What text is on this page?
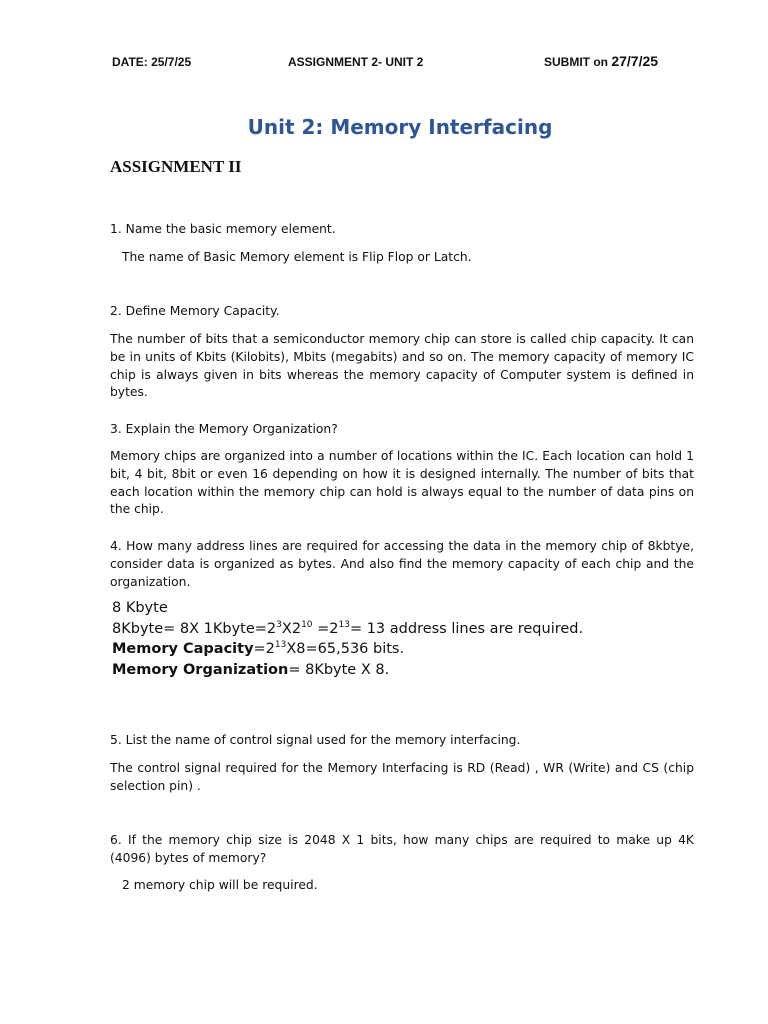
DATE: 25/7/25	ASSIGNMENT 2- UNIT 2	SUBMIT on 27/7/25
Unit 2: Memory Interfacing
ASSIGNMENT II
1. Name the basic memory element.
The name of Basic Memory element is Flip Flop or Latch.
2. Define Memory Capacity.
The number of bits that a semiconductor memory chip can store is called chip capacity. It can be in units of Kbits (Kilobits), Mbits (megabits) and so on. The memory capacity of memory IC chip is always given in bits whereas the memory capacity of Computer system is defined in bytes.
3. Explain the Memory Organization?
Memory chips are organized into a number of locations within the IC. Each location can hold 1 bit, 4 bit, 8bit or even 16 depending on how it is designed internally. The number of bits that each location within the memory chip can hold is always equal to the number of data pins on the chip.
4. How many address lines are required for accessing the data in the memory chip of 8kbtye, consider data is organized as bytes. And also find the memory capacity of each chip and the organization.
8 Kbyte
8Kbyte= 8X $1Kbyte=2^3X2^{10} =2^{13}= 13$ address lines are required.
Memory $Capacity=2^{13}X8=65,536$ bits.
Memory Organization= 8Kbyte X 8.
5. List the name of control signal used for the memory interfacing.
The control signal required for the Memory Interfacing is RD (Read) , WR (Write) and CS (chip selection pin) .
6. If the memory chip size is 2048 X 1 bits, how many chips are required to make up 4K (4096) bytes of memory?
2 memory chip will be required.
